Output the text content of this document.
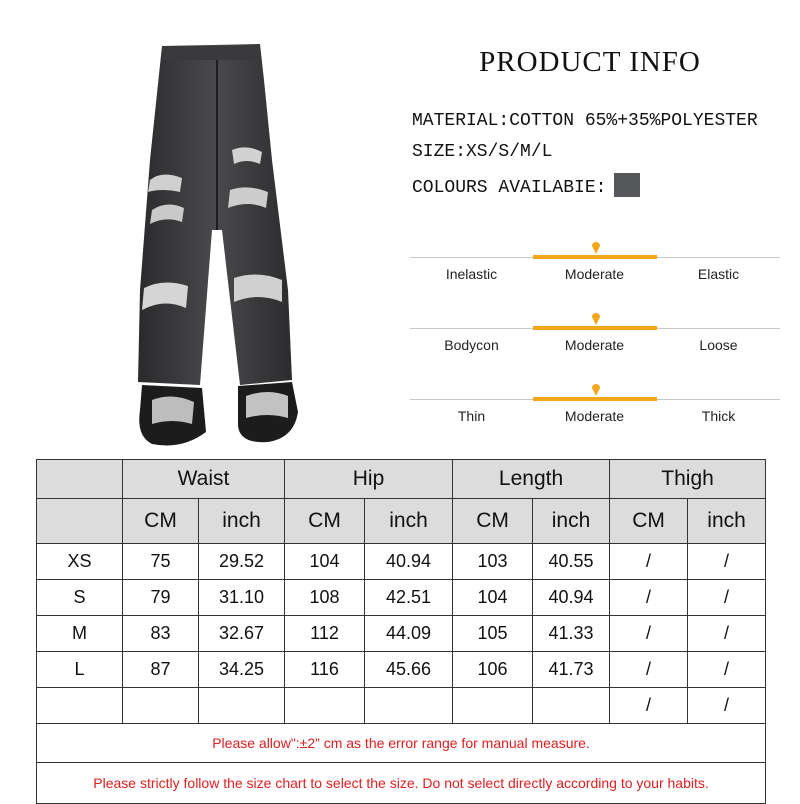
PRODUCT INFO
MATERIAL:COTTON 65%+35%POLYESTER
SIZE:XS/S/M/L
COLOURS AVAILABIE:
Inelastic	Moderate	Elastic
Bodycon	Moderate	Loose
Thin	Moderate	Thick
	Waist		Hip		Length		Thigh	
	CM	inch	CM	inch	CM	inch	CM	inch
XS	75	29.52	104	40.94	103	40.55	/	/
S	79	31.10	108	42.51	104	40.94	/	/
M	83	32.67	112	44.09	105	41.33	/	/
L	87	34.25	116	45.66	106	41.73	/	/
							/	/
Please allow":±2” cm as the error range for manual measure.								
Please strictly follow the size chart to select the size. Do not select directly according to your habits.								
